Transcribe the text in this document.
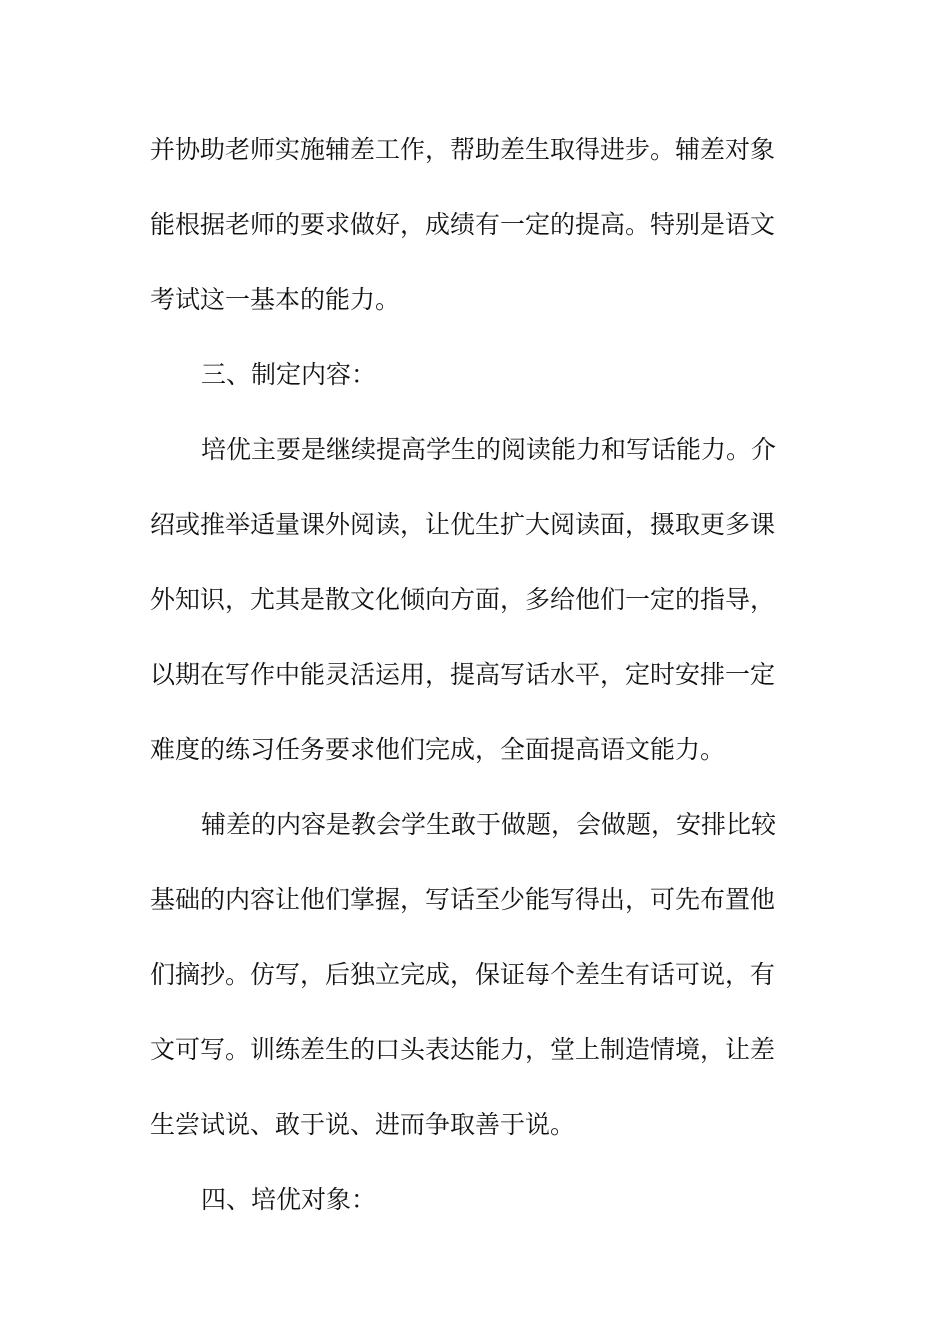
并协助老师实施辅差工作，帮助差生取得进步。辅差对象
能根据老师的要求做好，成绩有一定的提高。特别是语文
考试这一基本的能力。
三、制定内容：
培优主要是继续提高学生的阅读能力和写话能力。介
绍或推举适量课外阅读，让优生扩大阅读面，摄取更多课
外知识，尤其是散文化倾向方面，多给他们一定的指导，
以期在写作中能灵活运用，提高写话水平，定时安排一定
难度的练习任务要求他们完成，全面提高语文能力。
辅差的内容是教会学生敢于做题，会做题，安排比较
基础的内容让他们掌握，写话至少能写得出，可先布置他
们摘抄。仿写，后独立完成，保证每个差生有话可说，有
文可写。训练差生的口头表达能力，堂上制造情境，让差
生尝试说、敢于说、进而争取善于说。
四、培优对象：
